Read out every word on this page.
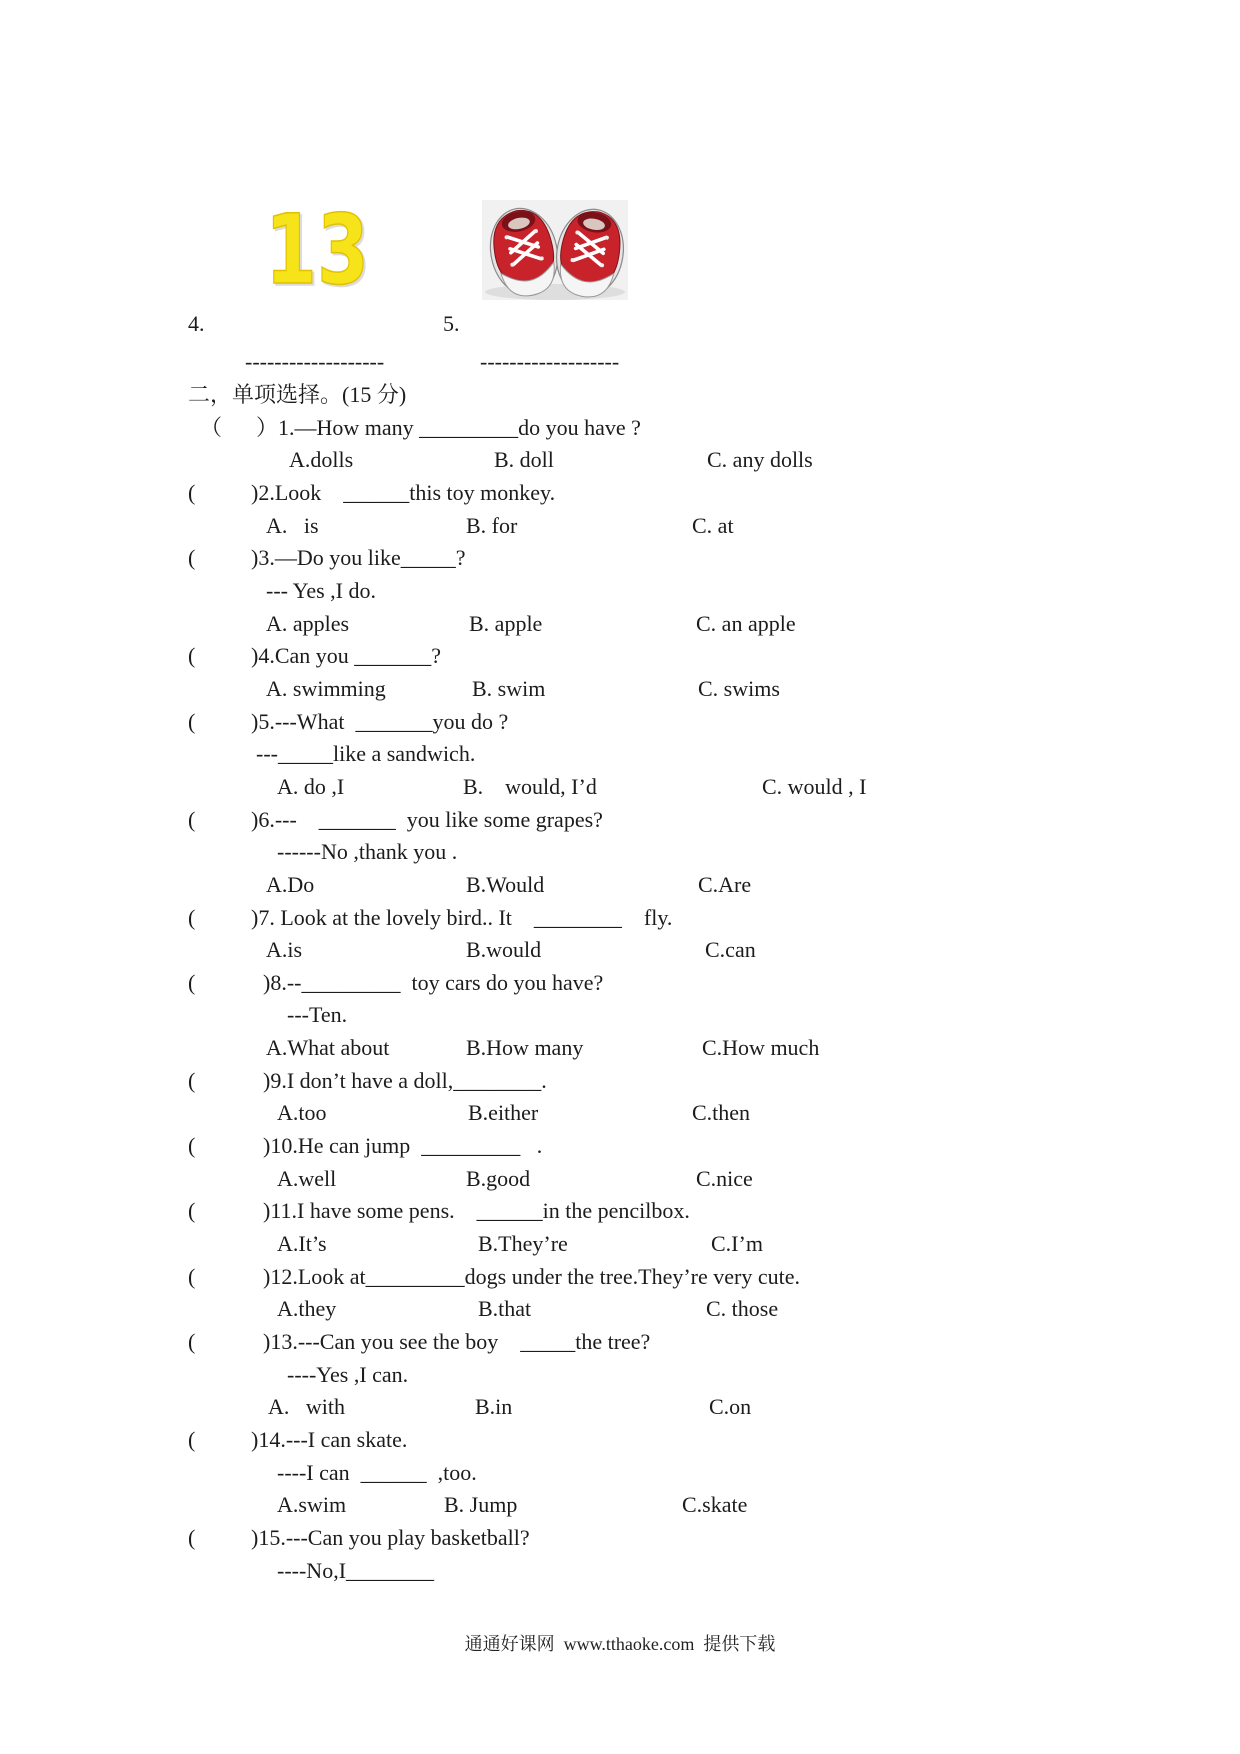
13
4.	5.
-------------------	-------------------
二，单项选择。(15 分)
（ ） 1.—How many _________do you have ?
A.dolls	B. doll	C. any dolls
(	)2.Look    ______this toy monkey.
A.   is	B. for	C. at
(	)3.—Do you like_____?
--- Yes ,I do.
A. apples	B. apple	C. an apple
(	)4.Can you _______?
A. swimming	B. swim	C. swims
(	)5.---What  _______you do ?
---_____like a sandwich.
A. do ,I	B.    would, I’d	C. would , I
(	)6.---    _______  you like some grapes?
------No ,thank you .
A.Do	B.Would	C.Are
(	)7. Look at the lovely bird.. It    ________    fly.
A.is	B.would	C.can
(	)8.--_________  toy cars do you have?
---Ten.
A.What about	B.How many	C.How much
(	)9.I don’t have a doll,________.
A.too	B.either	C.then
(	)10.He can jump  _________   .
A.well	B.good	C.nice
(	)11.I have some pens.    ______in the pencilbox.
A.It’s	B.They’re	C.I’m
(	)12.Look at_________dogs under the tree.They’re very cute.
A.they	B.that	C. those
(	)13.---Can you see the boy    _____the tree?
----Yes ,I can.
A.   with	B.in	C.on
(	)14.---I can skate.
----I can  ______  ,too.
A.swim	B. Jump	C.skate
(	)15.---Can you play basketball?
----No,I________
通通好课网  www.tthaoke.com  提供下载
